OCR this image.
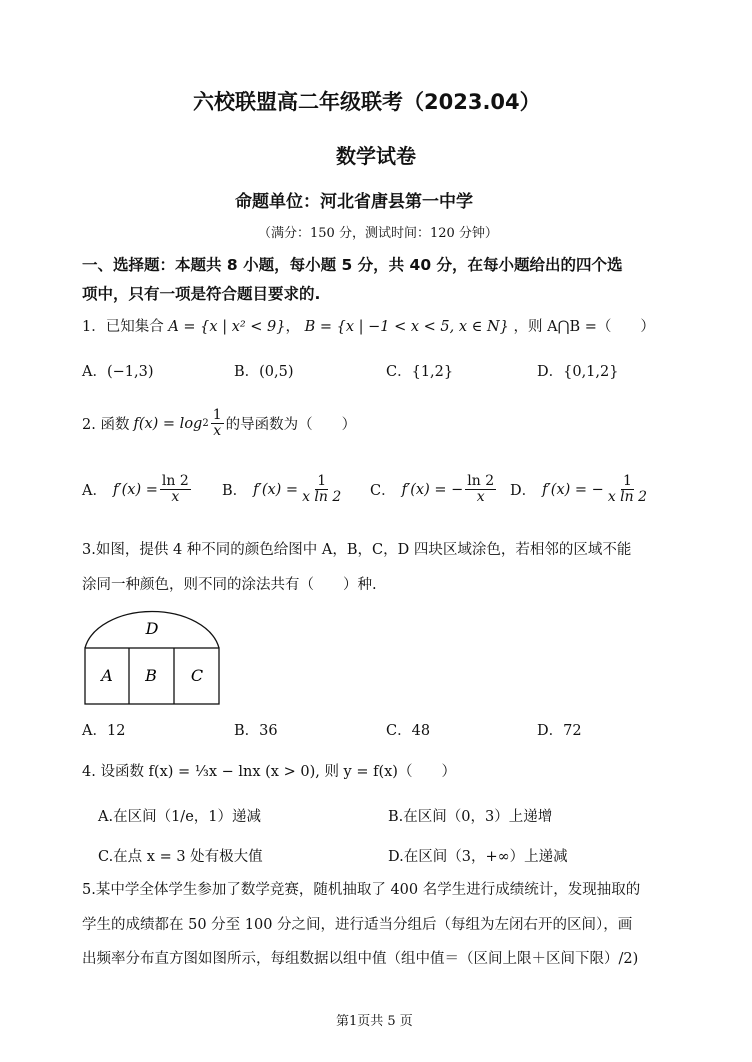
六校联盟高二年级联考（2023.04）
数学试卷
命题单位：河北省唐县第一中学
（满分：150 分，测试时间：120 分钟）
一、选择题：本题共 8 小题，每小题 5 分，共 40 分，在每小题给出的四个选
项中，只有一项是符合题目要求的.
1．已知集合 A = {x | x² < 9}， B = {x | −1 < x < 5, x ∈ N} ，则 A⋂B =（　　）
A．(−1,3)	B．(0,5)	C．{1,2}	D．{0,1,2}
2. 函数 $f(x) = \log 2 \frac{1}{x}$ 的导函数为（　　）
A． $f'(x) = \frac{\ln 2}{x}$ B． $f'(x) = \frac{1}{\text{x ln 2}}$ C． f′(x) = − $\frac{\ln 2}{x}$ D． f′(x) = − $\frac{1}{\text{x ln 2}}$
3.如图，提供 4 种不同的颜色给图中 A，B，C，D 四块区域涂色，若相邻的区域不能
涂同一种颜色，则不同的涂法共有（　　）种.
D
A B C
A．12	B．36	C．48	D．72
4. 设函数 f(x) = ⅓x − lnx (x > 0), 则 y = f(x)（　　）
A.在区间（1/e，1）递减	B.在区间（0，3）上递增
C.在点 x = 3 处有极大值	D.在区间（3，+∞）上递减
5.某中学全体学生参加了数学竞赛，随机抽取了 400 名学生进行成绩统计，发现抽取的
学生的成绩都在 50 分至 100 分之间，进行适当分组后（每组为左闭右开的区间），画
出频率分布直方图如图所示，每组数据以组中值（组中值＝（区间上限＋区间下限）/2)
第1页共 5 页
